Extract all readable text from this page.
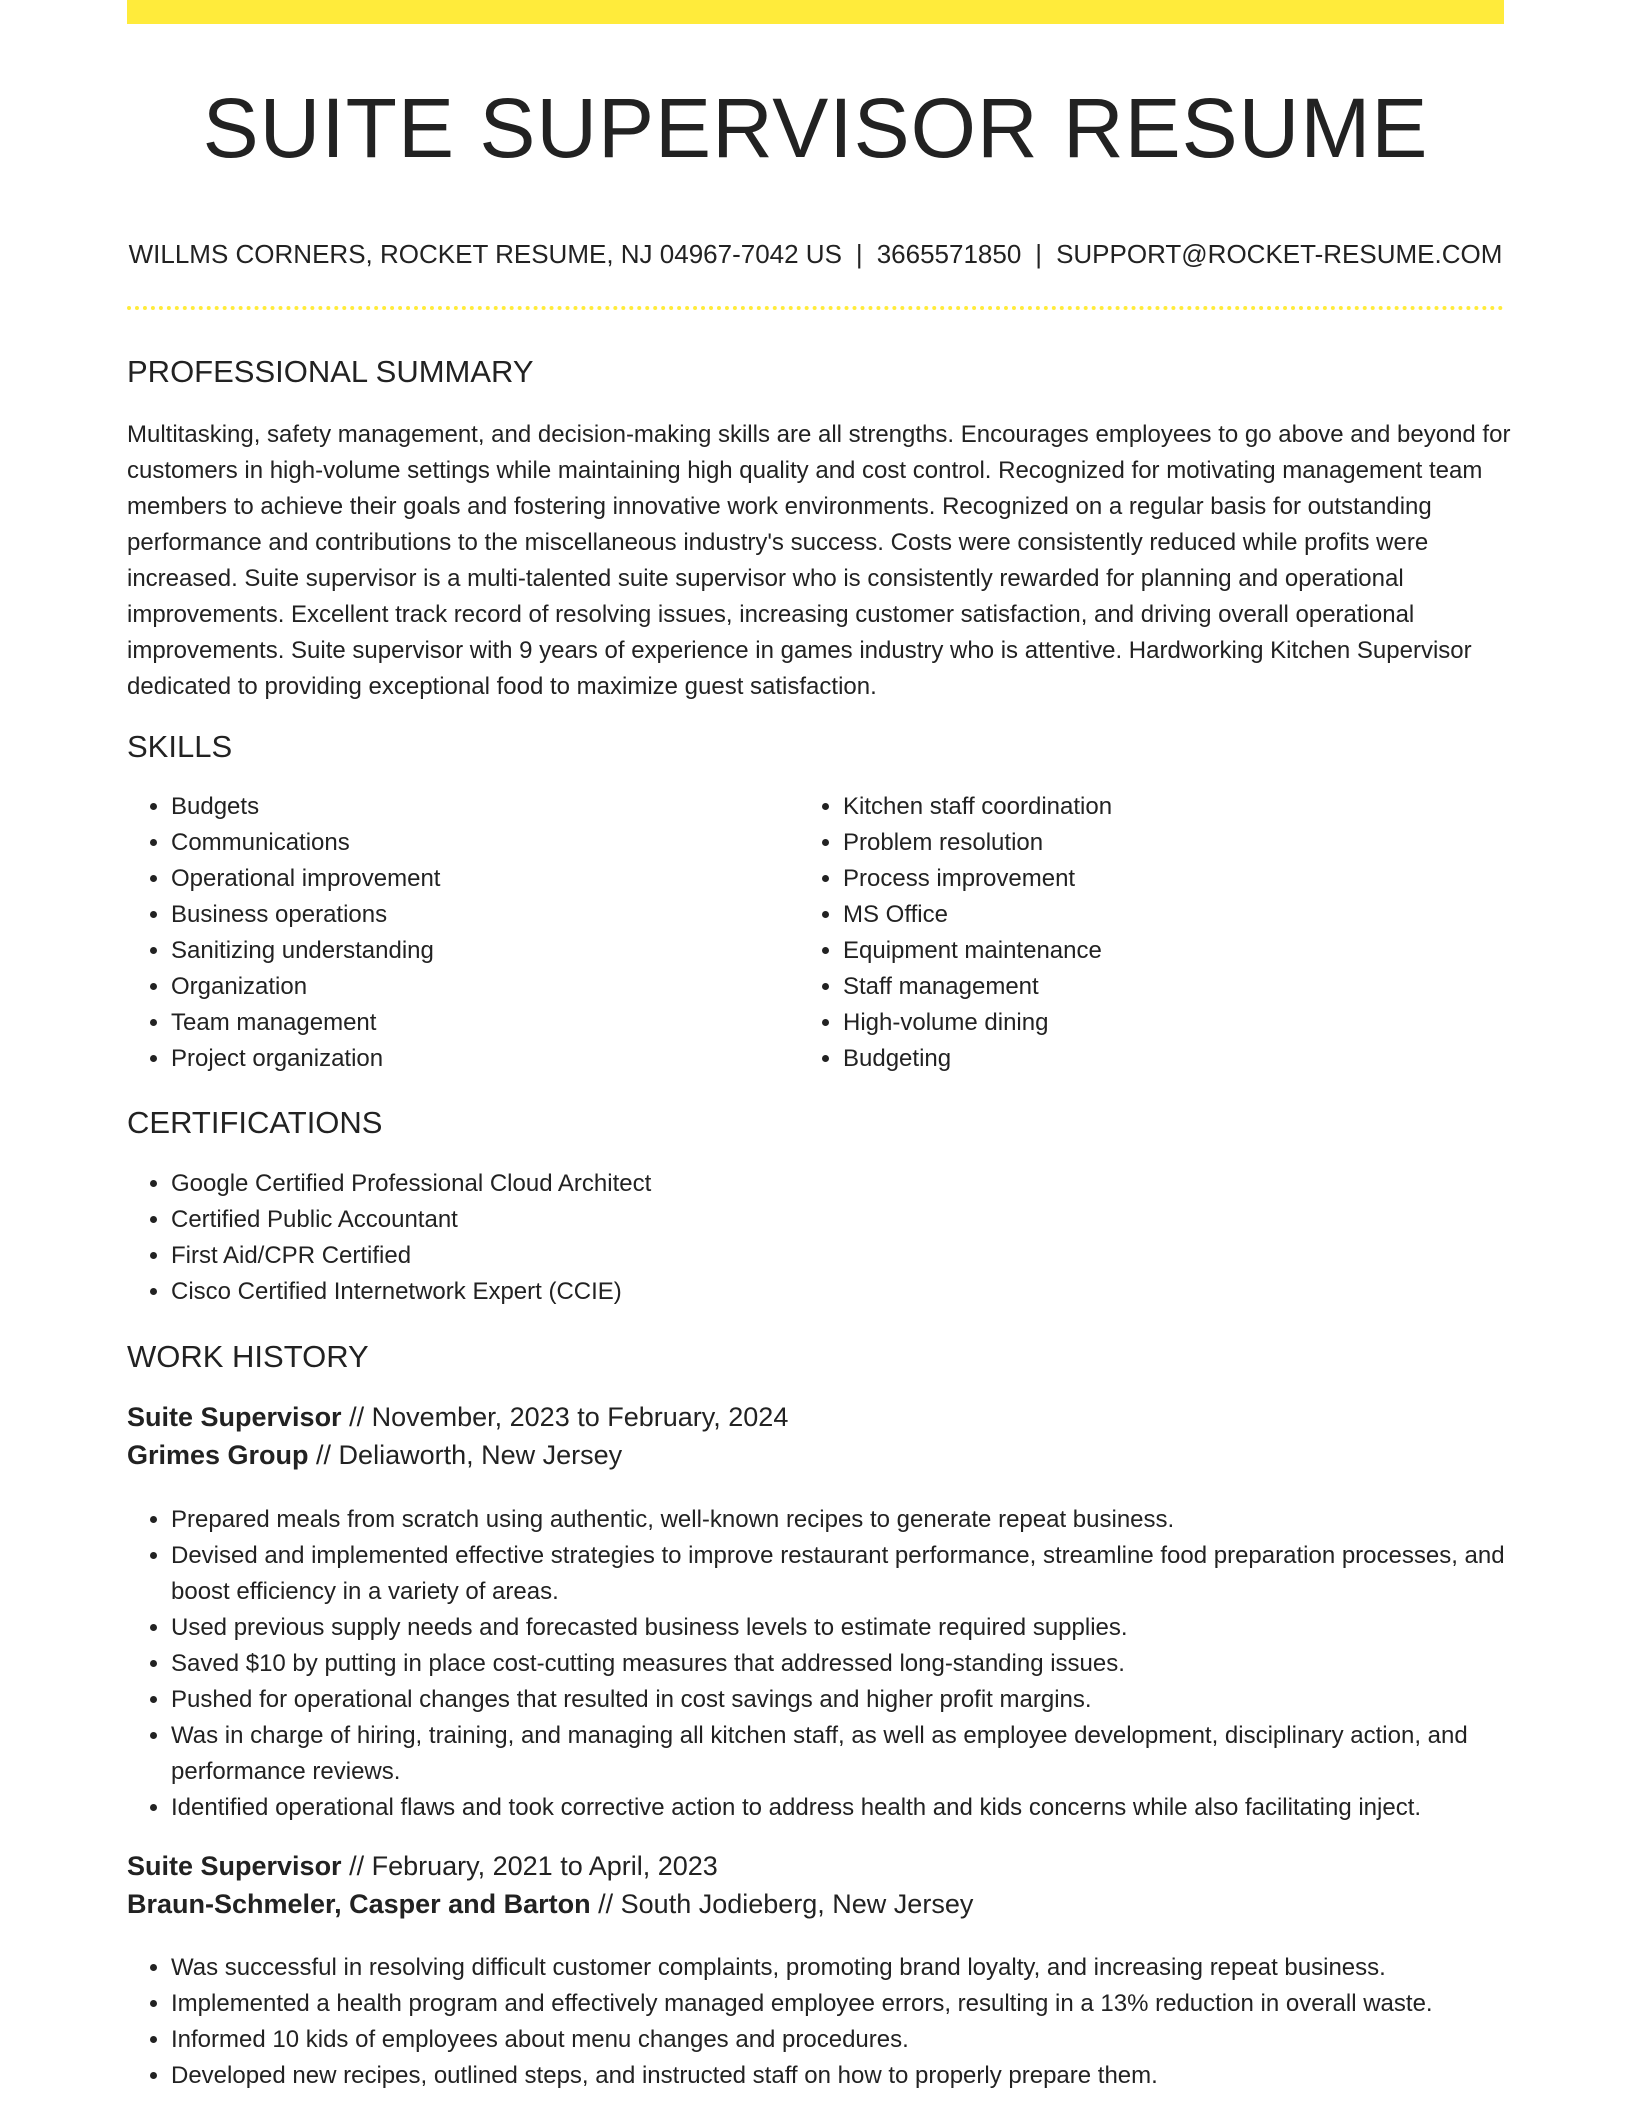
SUITE SUPERVISOR RESUME
WILLMS CORNERS, ROCKET RESUME, NJ 04967-7042 US | 3665571850 | SUPPORT@ROCKET-RESUME.COM
PROFESSIONAL SUMMARY

Multitasking, safety management, and decision-making skills are all strengths. Encourages employees to go above and beyond for customers in high-volume settings while maintaining high quality and cost control. Recognized for motivating management team members to achieve their goals and fostering innovative work environments. Recognized on a regular basis for outstanding performance and contributions to the miscellaneous industry's success. Costs were consistently reduced while profits were increased. Suite supervisor is a multi-talented suite supervisor who is consistently rewarded for planning and operational improvements. Excellent track record of resolving issues, increasing customer satisfaction, and driving overall operational improvements. Suite supervisor with 9 years of experience in games industry who is attentive. Hardworking Kitchen Supervisor dedicated to providing exceptional food to maximize guest satisfaction.

SKILLS
• Budgets
• Communications
• Operational improvement
• Business operations
• Sanitizing understanding
• Organization
• Team management
• Project organization
• Kitchen staff coordination
• Problem resolution
• Process improvement
• MS Office
• Equipment maintenance
• Staff management
• High-volume dining
• Budgeting
CERTIFICATIONS
• Google Certified Professional Cloud Architect
• Certified Public Accountant
• First Aid/CPR Certified
• Cisco Certified Internetwork Expert (CCIE)
WORK HISTORY
Suite Supervisor // November, 2023 to February, 2024
Grimes Group // Deliaworth, New Jersey
• Prepared meals from scratch using authentic, well-known recipes to generate repeat business.
• Devised and implemented effective strategies to improve restaurant performance, streamline food preparation processes, and boost efficiency in a variety of areas.
• Used previous supply needs and forecasted business levels to estimate required supplies.
• Saved $10 by putting in place cost-cutting measures that addressed long-standing issues.
• Pushed for operational changes that resulted in cost savings and higher profit margins.
• Was in charge of hiring, training, and managing all kitchen staff, as well as employee development, disciplinary action, and performance reviews.
• Identified operational flaws and took corrective action to address health and kids concerns while also facilitating inject.
Suite Supervisor // February, 2021 to April, 2023
Braun-Schmeler, Casper and Barton // South Jodieberg, New Jersey
• Was successful in resolving difficult customer complaints, promoting brand loyalty, and increasing repeat business.
• Implemented a health program and effectively managed employee errors, resulting in a 13% reduction in overall waste.
• Informed 10 kids of employees about menu changes and procedures.
• Developed new recipes, outlined steps, and instructed staff on how to properly prepare them.
